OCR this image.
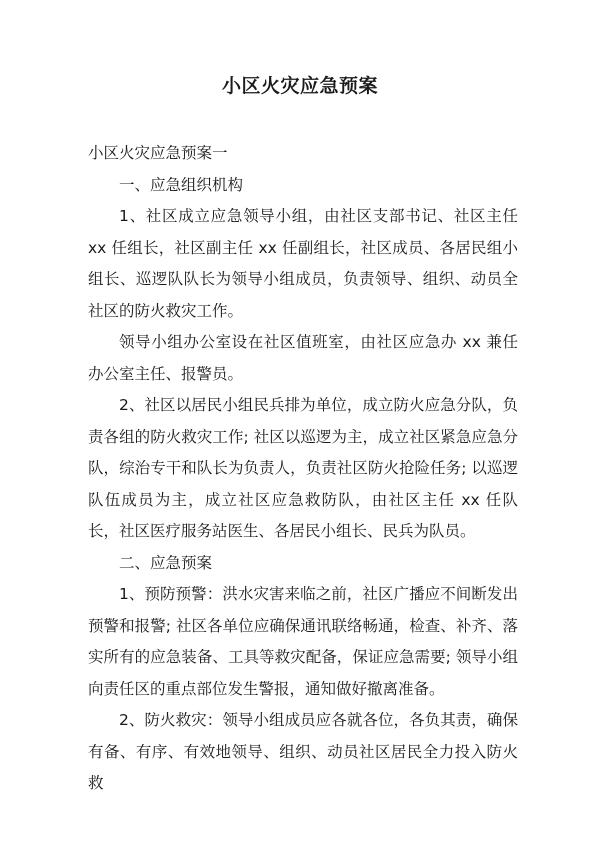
小区火灾应急预案

小区火灾应急预案一

一、应急组织机构

1、社区成立应急领导小组，由社区支部书记、社区主任 xx 任组长，社区副主任 xx 任副组长，社区成员、各居民组小组长、巡逻队队长为领导小组成员，负责领导、组织、动员全社区的防火救灾工作。

领导小组办公室设在社区值班室，由社区应急办 xx 兼任办公室主任、报警员。

2、社区以居民小组民兵排为单位，成立防火应急分队，负责各组的防火救灾工作; 社区以巡逻为主，成立社区紧急应急分队，综治专干和队长为负责人，负责社区防火抢险任务; 以巡逻队伍成员为主，成立社区应急救防队，由社区主任 xx 任队长，社区医疗服务站医生、各居民小组长、民兵为队员。

二、应急预案

1、预防预警：洪水灾害来临之前，社区广播应不间断发出预警和报警; 社区各单位应确保通讯联络畅通，检查、补齐、落实所有的应急装备、工具等救灾配备，保证应急需要; 领导小组向责任区的重点部位发生警报，通知做好撤离准备。

2、防火救灾：领导小组成员应各就各位，各负其责，确保有备、有序、有效地领导、组织、动员社区居民全力投入防火救
